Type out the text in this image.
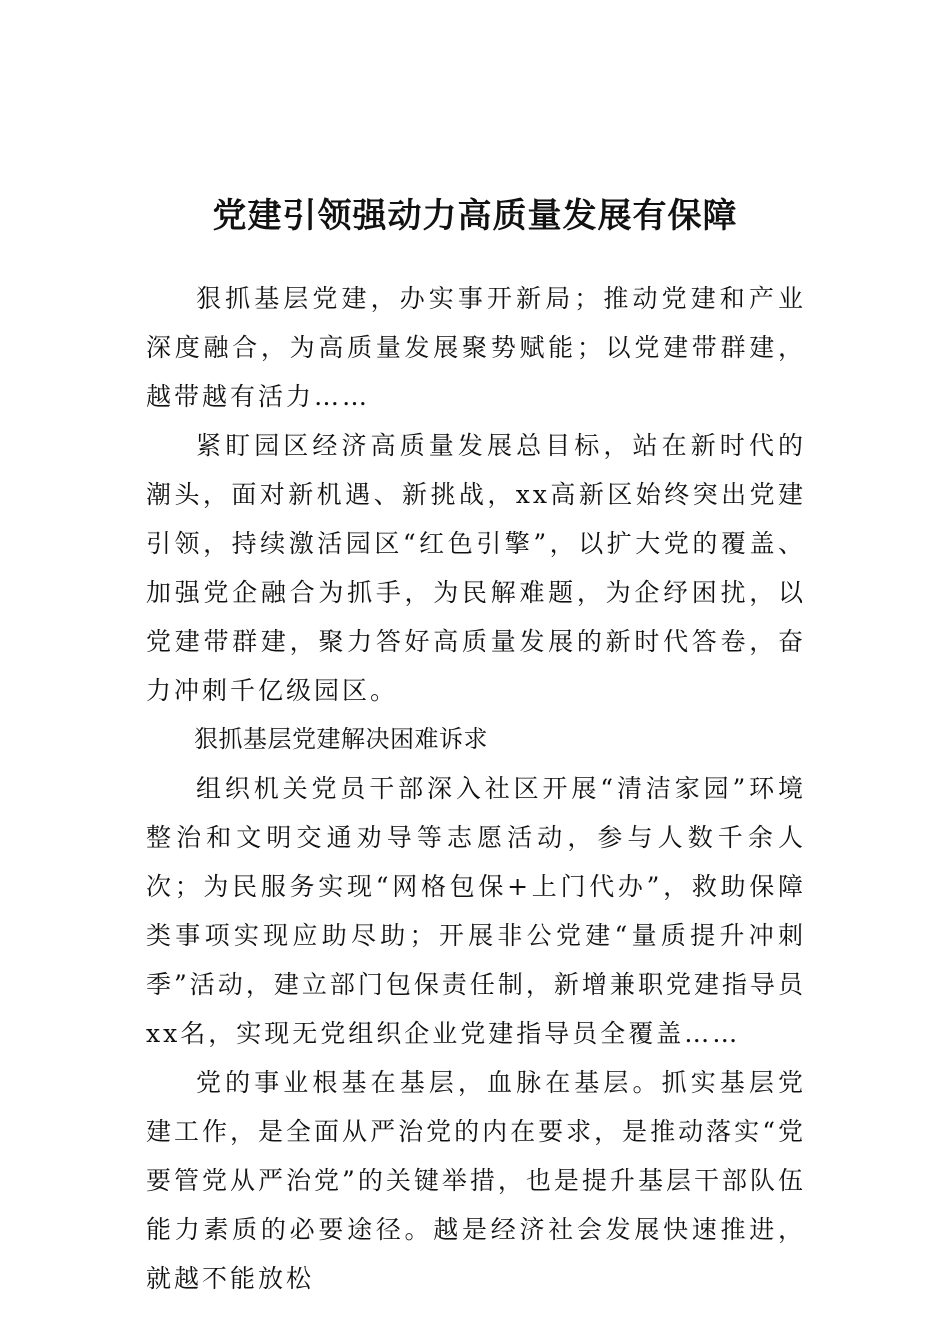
党建引领强动力高质量发展有保障

狠抓基层党建，办实事开新局；推动党建和产业深度融合，为高质量发展聚势赋能；以党建带群建，越带越有活力……

紧盯园区经济高质量发展总目标，站在新时代的潮头，面对新机遇、新挑战，xx高新区始终突出党建引领，持续激活园区“红色引擎”，以扩大党的覆盖、加强党企融合为抓手，为民解难题，为企纾困扰，以党建带群建，聚力答好高质量发展的新时代答卷，奋力冲刺千亿级园区。

狠抓基层党建解决困难诉求

组织机关党员干部深入社区开展“清洁家园”环境整治和文明交通劝导等志愿活动，参与人数千余人次；为民服务实现“网格包保+上门代办”，救助保障类事项实现应助尽助；开展非公党建“量质提升冲刺季”活动，建立部门包保责任制，新增兼职党建指导员xx名，实现无党组织企业党建指导员全覆盖……

党的事业根基在基层，血脉在基层。抓实基层党建工作，是全面从严治党的内在要求，是推动落实“党要管党从严治党”的关键举措，也是提升基层干部队伍能力素质的必要途径。越是经济社会发展快速推进，就越不能放松
